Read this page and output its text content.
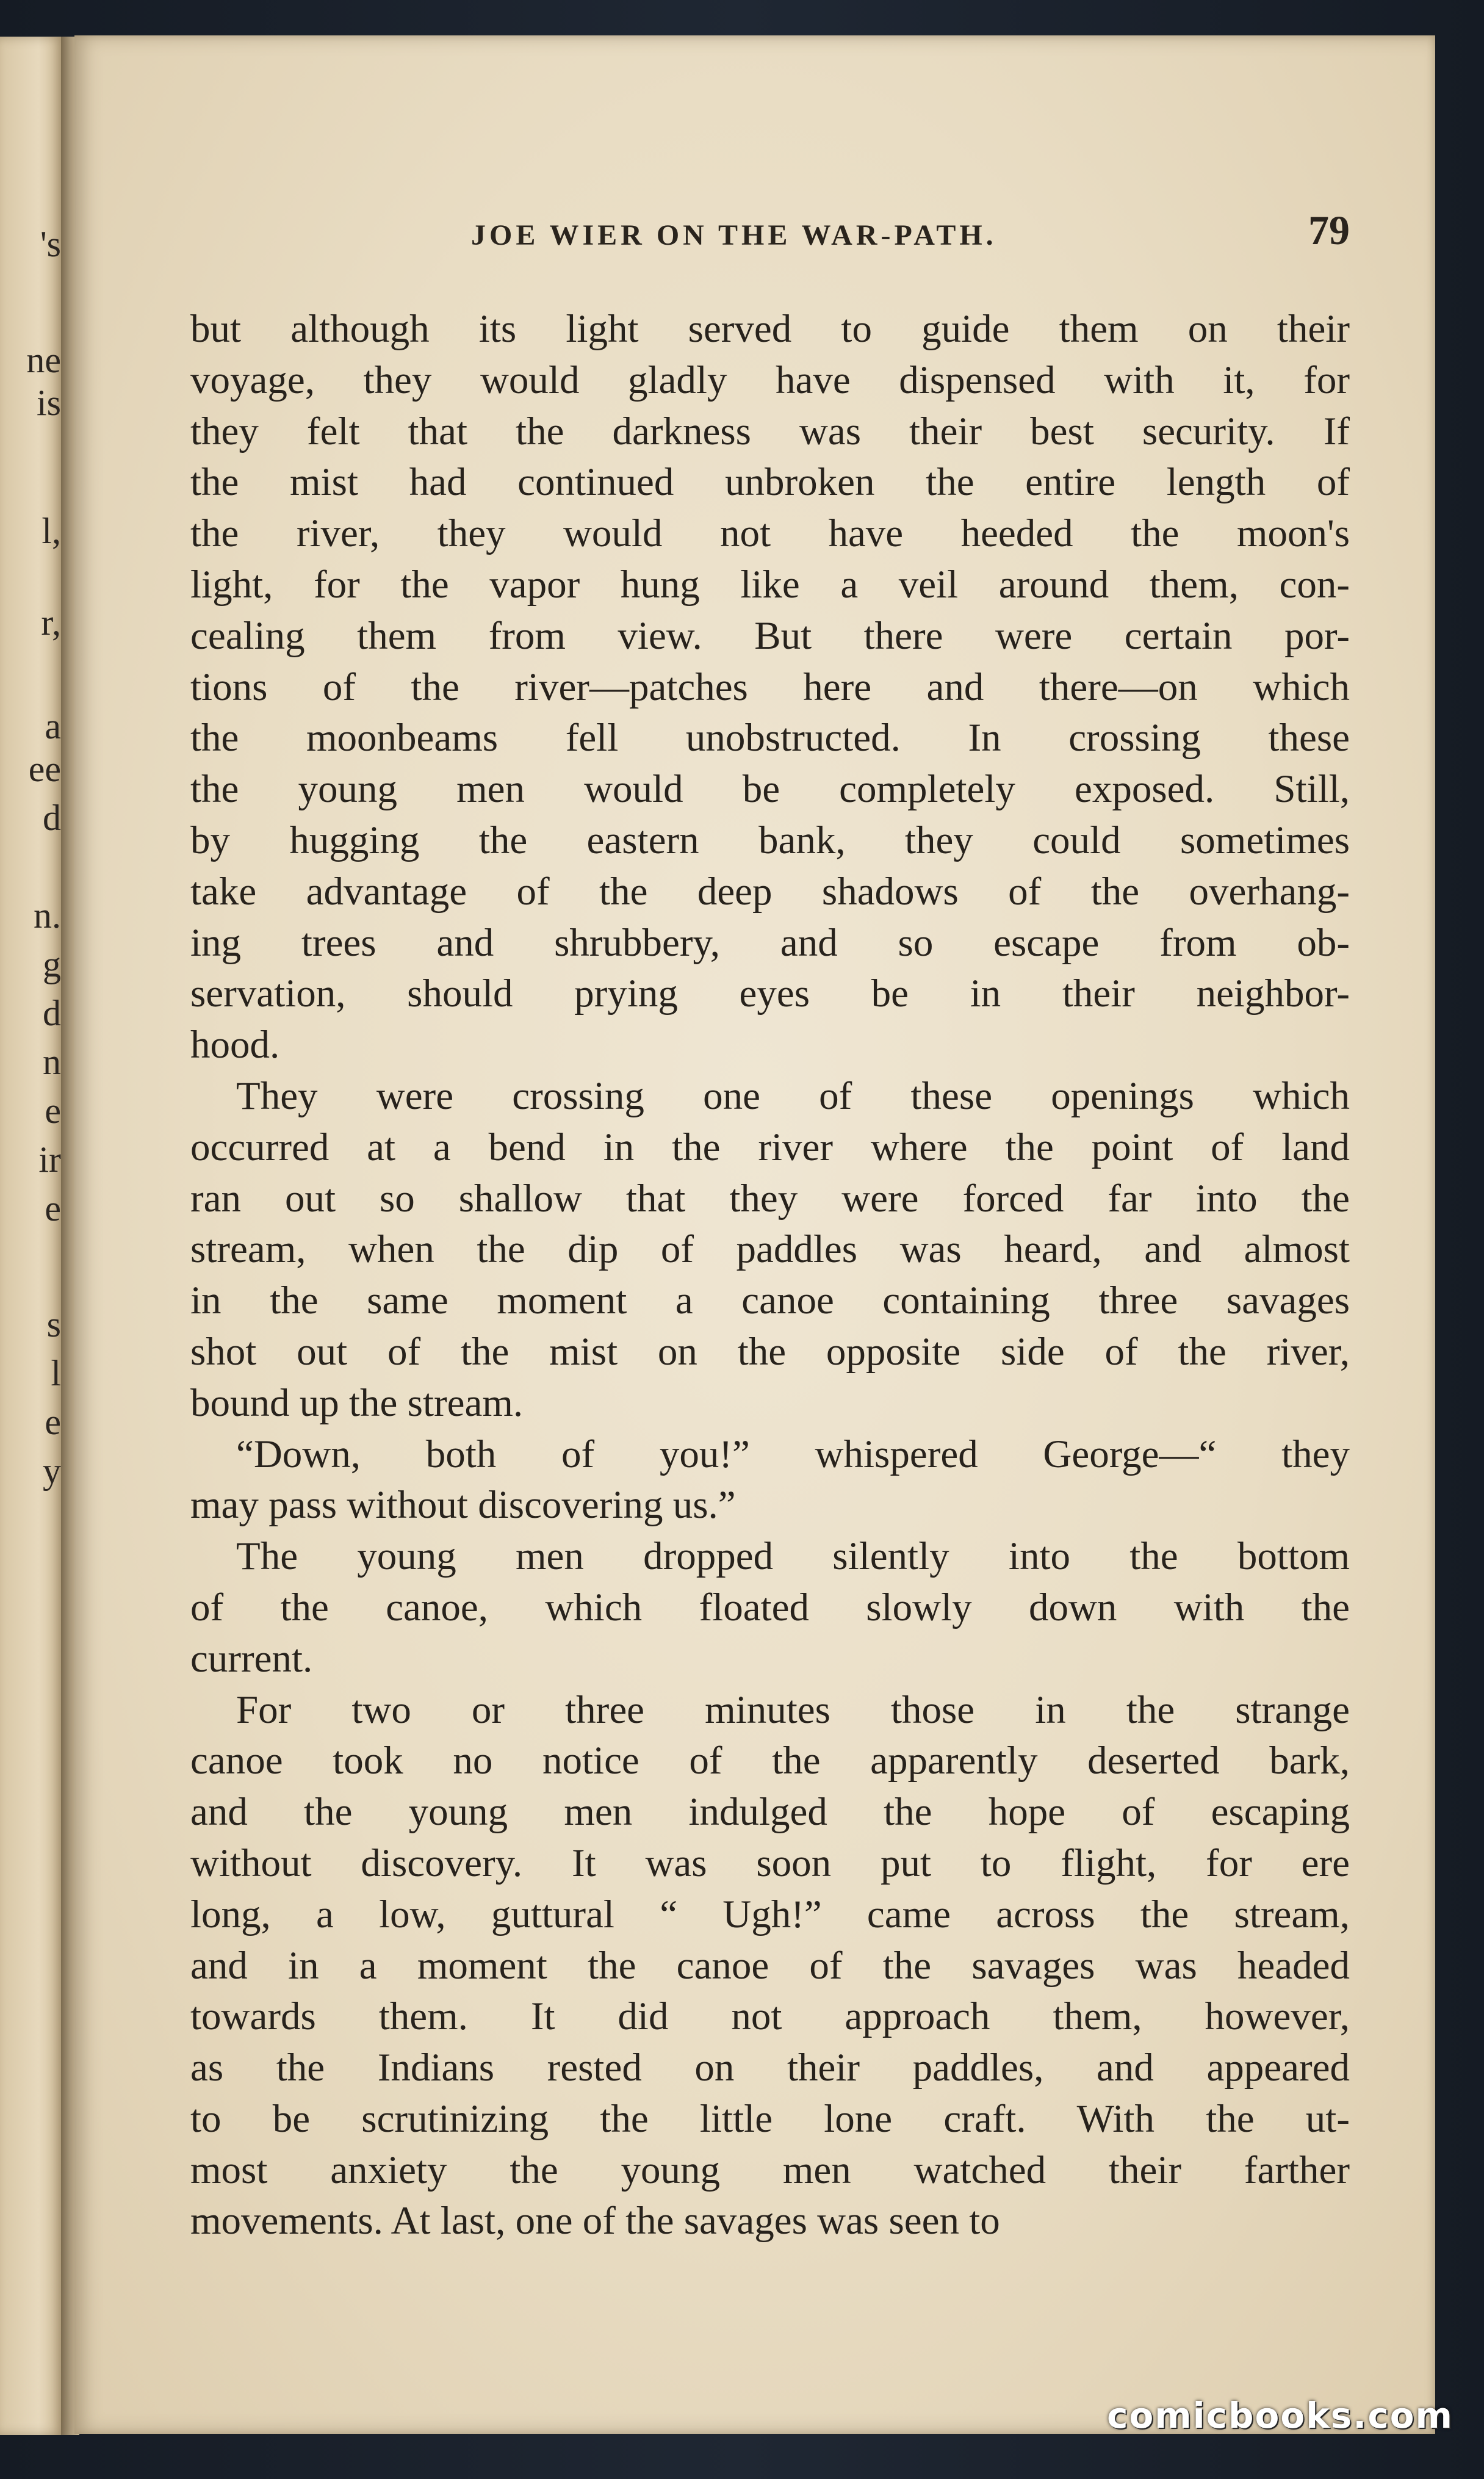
's
ne
is
l,
r,
a
ee
d
n.
g
d
n
e
ir
e
s
l
e
y
JOE WIER ON THE WAR-PATH.	79
but although its light served to guide them on their
voyage, they would gladly have dispensed with it, for
they felt that the darkness was their best security. If
the mist had continued unbroken the entire length of
the river, they would not have heeded the moon's
light, for the vapor hung like a veil around them, con-
cealing them from view. But there were certain por-
tions of the river—patches here and there—on which
the moonbeams fell unobstructed. In crossing these
the young men would be completely exposed. Still,
by hugging the eastern bank, they could sometimes
take advantage of the deep shadows of the overhang-
ing trees and shrubbery, and so escape from ob-
servation, should prying eyes be in their neighbor-
hood.
They were crossing one of these openings which
occurred at a bend in the river where the point of land
ran out so shallow that they were forced far into the
stream, when the dip of paddles was heard, and almost
in the same moment a canoe containing three savages
shot out of the mist on the opposite side of the river,
bound up the stream.
“Down, both of you!” whispered George—“ they
may pass without discovering us.”
The young men dropped silently into the bottom
of the canoe, which floated slowly down with the
current.
For two or three minutes those in the strange
canoe took no notice of the apparently deserted bark,
and the young men indulged the hope of escaping
without discovery. It was soon put to flight, for ere
long, a low, guttural “ Ugh!” came across the stream,
and in a moment the canoe of the savages was headed
towards them. It did not approach them, however,
as the Indians rested on their paddles, and appeared
to be scrutinizing the little lone craft. With the ut-
most anxiety the young men watched their farther
movements. At last, one of the savages was seen to
comicbooks.com
